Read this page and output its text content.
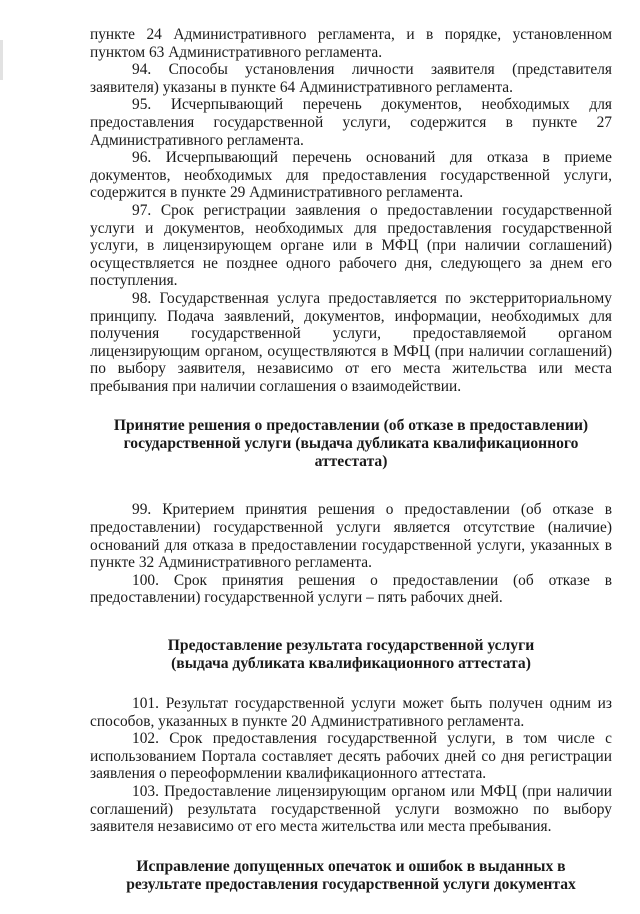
пункте 24 Административного регламента, и в порядке, установленном пунктом 63 Административного регламента.

94. Способы установления личности заявителя (представителя заявителя) указаны в пункте 64 Административного регламента.

95. Исчерпывающий перечень документов, необходимых для предоставления государственной услуги, содержится в пункте 27 Административного регламента.

96. Исчерпывающий перечень оснований для отказа в приеме документов, необходимых для предоставления государственной услуги, содержится в пункте 29 Административного регламента.

97. Срок регистрации заявления о предоставлении государственной услуги и документов, необходимых для предоставления государственной услуги, в лицензирующем органе или в МФЦ (при наличии соглашений) осуществляется не позднее одного рабочего дня, следующего за днем его поступления.

98. Государственная услуга предоставляется по экстерриториальному принципу. Подача заявлений, документов, информации, необходимых для получения государственной услуги, предоставляемой органом лицензирующим органом, осуществляются в МФЦ (при наличии соглашений) по выбору заявителя, независимо от его места жительства или места пребывания при наличии соглашения о взаимодействии.

Принятие решения о предоставлении (об отказе в предоставлении) государственной услуги (выдача дубликата квалификационного аттестата)

99. Критерием принятия решения о предоставлении (об отказе в предоставлении) государственной услуги является отсутствие (наличие) оснований для отказа в предоставлении государственной услуги, указанных в пункте 32 Административного регламента.

100. Срок принятия решения о предоставлении (об отказе в предоставлении) государственной услуги – пять рабочих дней.

Предоставление результата государственной услуги

(выдача дубликата квалификационного аттестата)

101. Результат государственной услуги может быть получен одним из способов, указанных в пункте 20 Административного регламента.

102. Срок предоставления государственной услуги, в том числе с использованием Портала составляет десять рабочих дней со дня регистрации заявления о переоформлении квалификационного аттестата.

103. Предоставление лицензирующим органом или МФЦ (при наличии соглашений) результата государственной услуги возможно по выбору заявителя независимо от его места жительства или места пребывания.

Исправление допущенных опечаток и ошибок в выданных в результате предоставления государственной услуги документах
